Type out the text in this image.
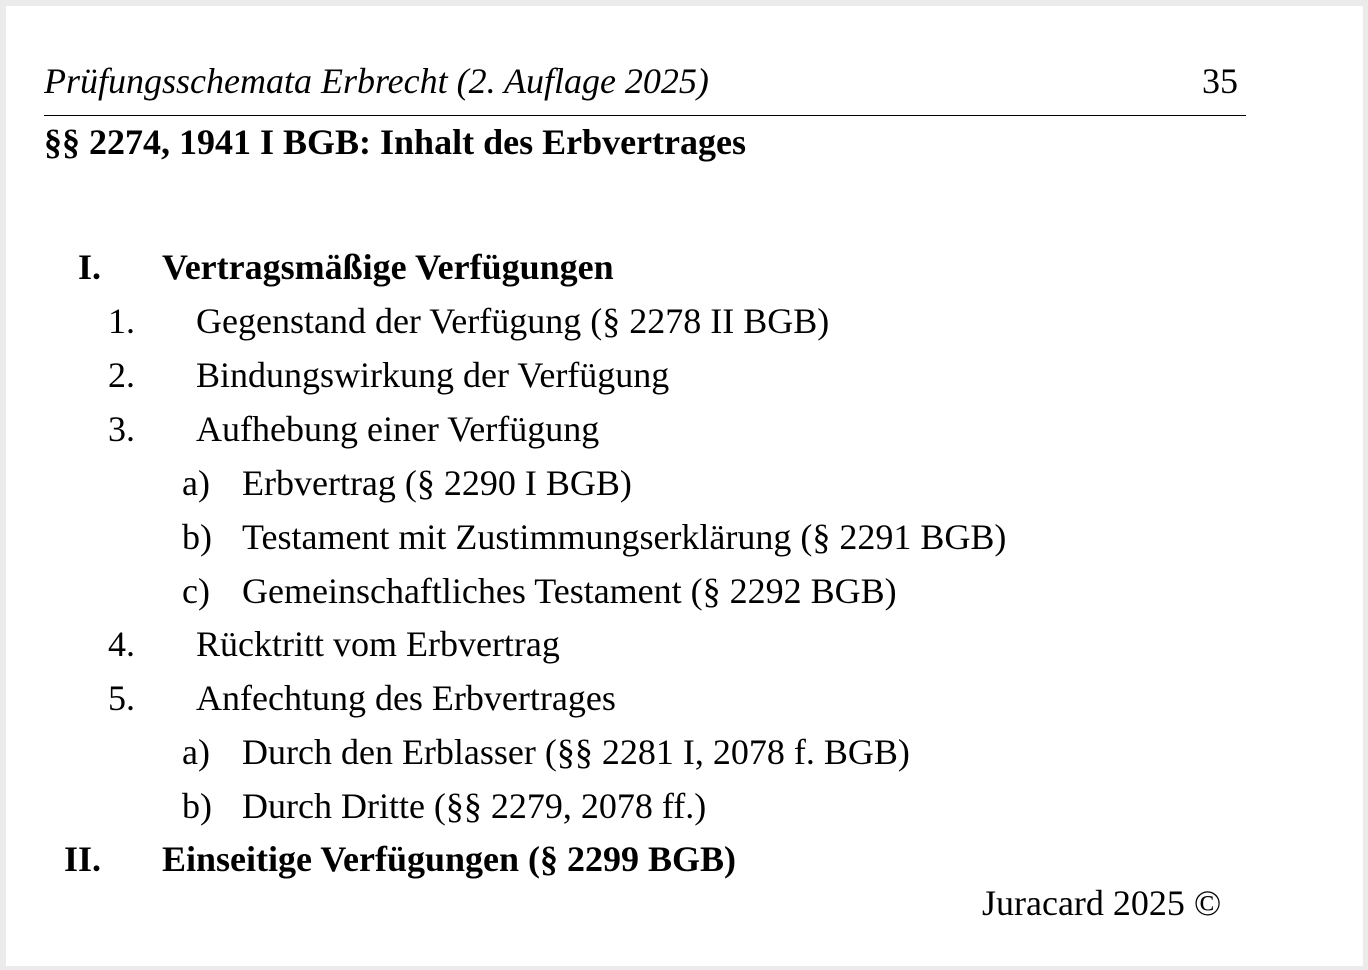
Prüfungsschemata Erbrecht (2. Auflage 2025)	35
§§ 2274, 1941 I BGB: Inhalt des Erbvertrages
I. Vertragsmäßige Verfügungen
1. Gegenstand der Verfügung (§ 2278 II BGB)
2. Bindungswirkung der Verfügung
3. Aufhebung einer Verfügung
a) Erbvertrag (§ 2290 I BGB)
b) Testament mit Zustimmungserklärung (§ 2291 BGB)
c) Gemeinschaftliches Testament (§ 2292 BGB)
4. Rücktritt vom Erbvertrag
5. Anfechtung des Erbvertrages
a) Durch den Erblasser (§§ 2281 I, 2078 f. BGB)
b) Durch Dritte (§§ 2279, 2078 ff.)
II. Einseitige Verfügungen (§ 2299 BGB)
Juracard 2025 ©
